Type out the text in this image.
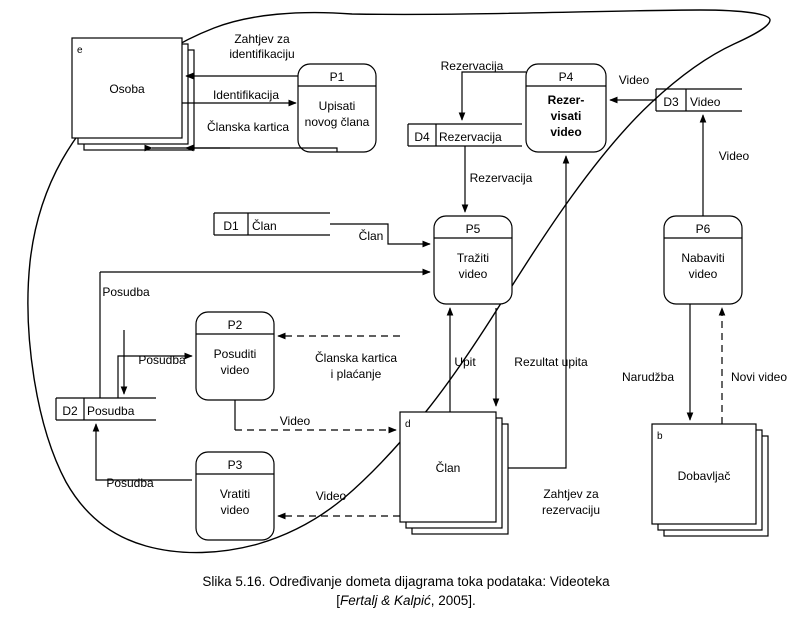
e
Osoba
d
Član
b
Dobavljač
P1
Upisati
novog člana
P2
Posuditi
video
P3
Vratiti
video
P4
Rezer-
visati
video
P5
Tražiti
video
P6
Nabaviti
video
D1 Član
D2 Posudba
D3 Video
D4 Rezervacija
Zahtjev za
identifikaciju
Identifikacija
Članska kartica
Rezervacija
Rezervacija
Video
Video
Član
Posudba
Posudba
Posudba
Članska kartica
i plaćanje
Video
Video
Upit	Rezultat upita
Zahtjev za
rezervaciju
Narudžba	Novi video
Slika 5.16. Određivanje dometa dijagrama toka podataka: Videoteka
[Fertalj & Kalpić, 2005].
